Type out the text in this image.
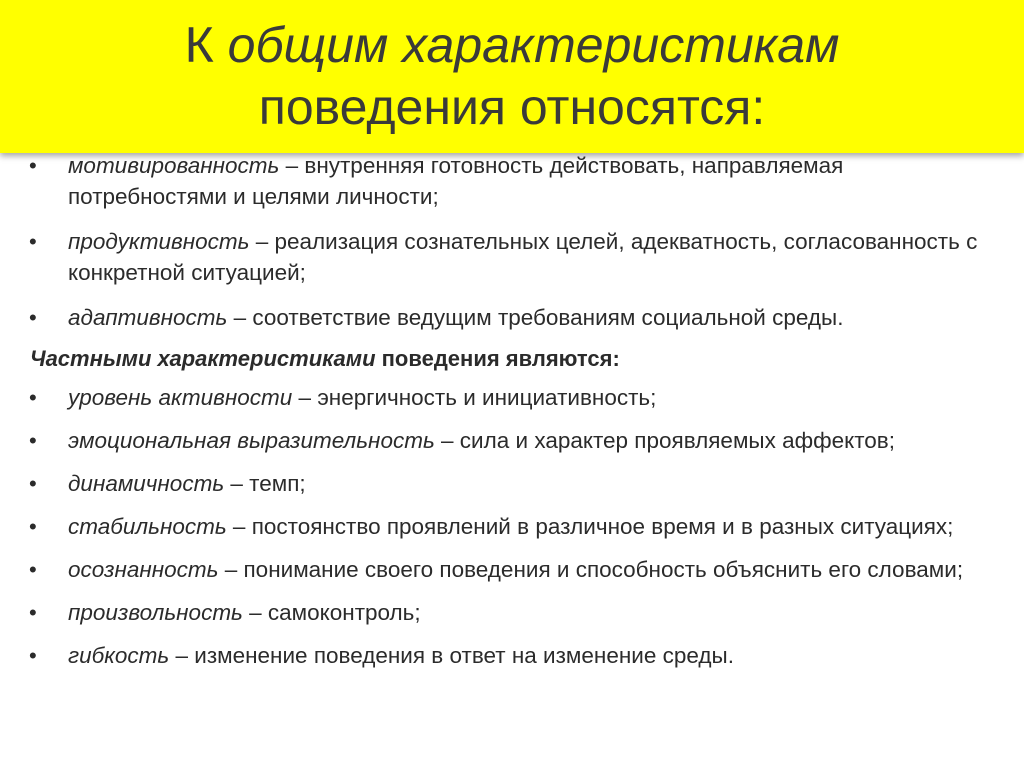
К общим характеристикам
поведения относятся:
• мотивированность – внутренняя готовность действовать, направляемая потребностями и целями личности;
• продуктивность – реализация сознательных целей, адекватность, согласованность с конкретной ситуацией;
• адаптивность – соответствие ведущим требованиям социальной среды.
Частными характеристиками поведения являются:
• уровень активности – энергичность и инициативность;
• эмоциональная выразительность – сила и характер проявляемых аффектов;
• динамичность – темп;
• стабильность – постоянство проявлений в различное время и в разных ситуациях;
• осознанность – понимание своего поведения и способность объяснить его словами;
• произвольность – самоконтроль;
• гибкость – изменение поведения в ответ на изменение среды.
